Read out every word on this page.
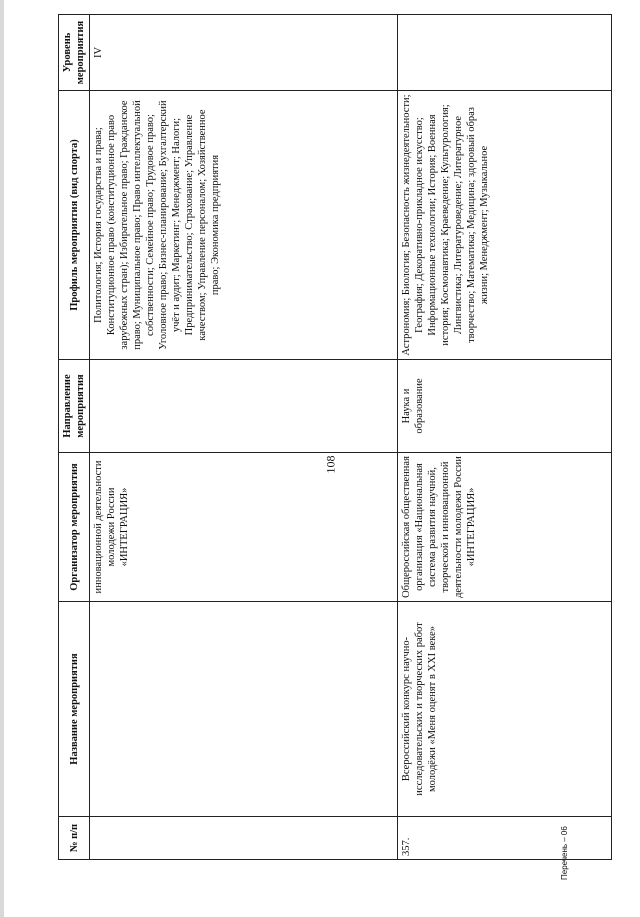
108
№ п/п	Название мероприятия	Организатор мероприятия	Направление мероприятия	Профиль мероприятия (вид спорта)	Уровень мероприятия
		инновационной деятельности молодежи России «ИНТЕГРАЦИЯ»		Политология; История государства и права; Конституционное право (конституционное право зарубежных стран); Избирательное право; Гражданское право; Муниципальное право; Право интеллектуальной собственности; Семейное право; Трудовое право; Уголовное право; Бизнес-планирование; Бухгалтерский учёт и аудит; Маркетинг; Менеджмент; Налоги; Предпринимательство; Страхование; Управление качеством; Управление персоналом; Хозяйственное право; Экономика предприятия	IV
357.	Всероссийский конкурс научно-исследовательских и творческих работ молодёжи «Меня оценят в XXI веке»	Общероссийская общественная организация «Национальная система развития научной, творческой и инновационной деятельности молодежи России «ИНТЕГРАЦИЯ»	Наука и образование	Астрономия; Биология; Безопасность жизнедеятельности; География; Декоративно-прикладное искусство; Информационные технологии; История; Военная история; Космонавтика; Краеведение; Культурология; Лингвистика; Литературоведение; Литературное творчество; Математика; Медицина; здоровый образ жизни; Менеджмент; Музыкальное	
Перечень – 06
